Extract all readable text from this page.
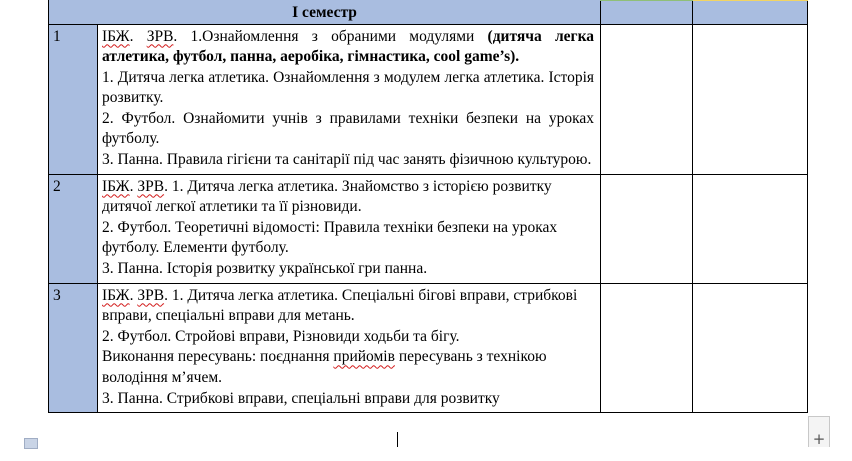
І семестр			

1	ІБЖ. ЗРВ. 1.Ознайомлення з обраними модулями (дитяча легка атлетика, футбол, панна, аеробіка, гімнастика, cool game’s).
1. Дитяча легка атлетика. Ознайомлення з модулем легка атлетика. Історія розвитку.
2. Футбол. Ознайомити учнів з правилами техніки безпеки на уроках футболу.
3. Панна. Правила гігієни та санітарії під час занять фізичною культурою.		

2	ІБЖ. ЗРВ. 1. Дитяча легка атлетика. Знайомство з історією розвитку дитячої легкої атлетики та її різновиди.
2. Футбол. Теоретичні відомості: Правила техніки безпеки на уроках футболу. Елементи футболу.
3. Панна. Історія розвитку української гри панна.		

3	ІБЖ. ЗРВ. 1. Дитяча легка атлетика. Спеціальні бігові вправи, стрибкові вправи, спеціальні вправи для метань.
2. Футбол. Стройові вправи, Різновиди ходьби та бігу.
Виконання пересувань: поєднання прийомів пересувань з технікою володіння м’ячем.
3. Панна. Стрибкові вправи, спеціальні вправи для розвитку		

+
